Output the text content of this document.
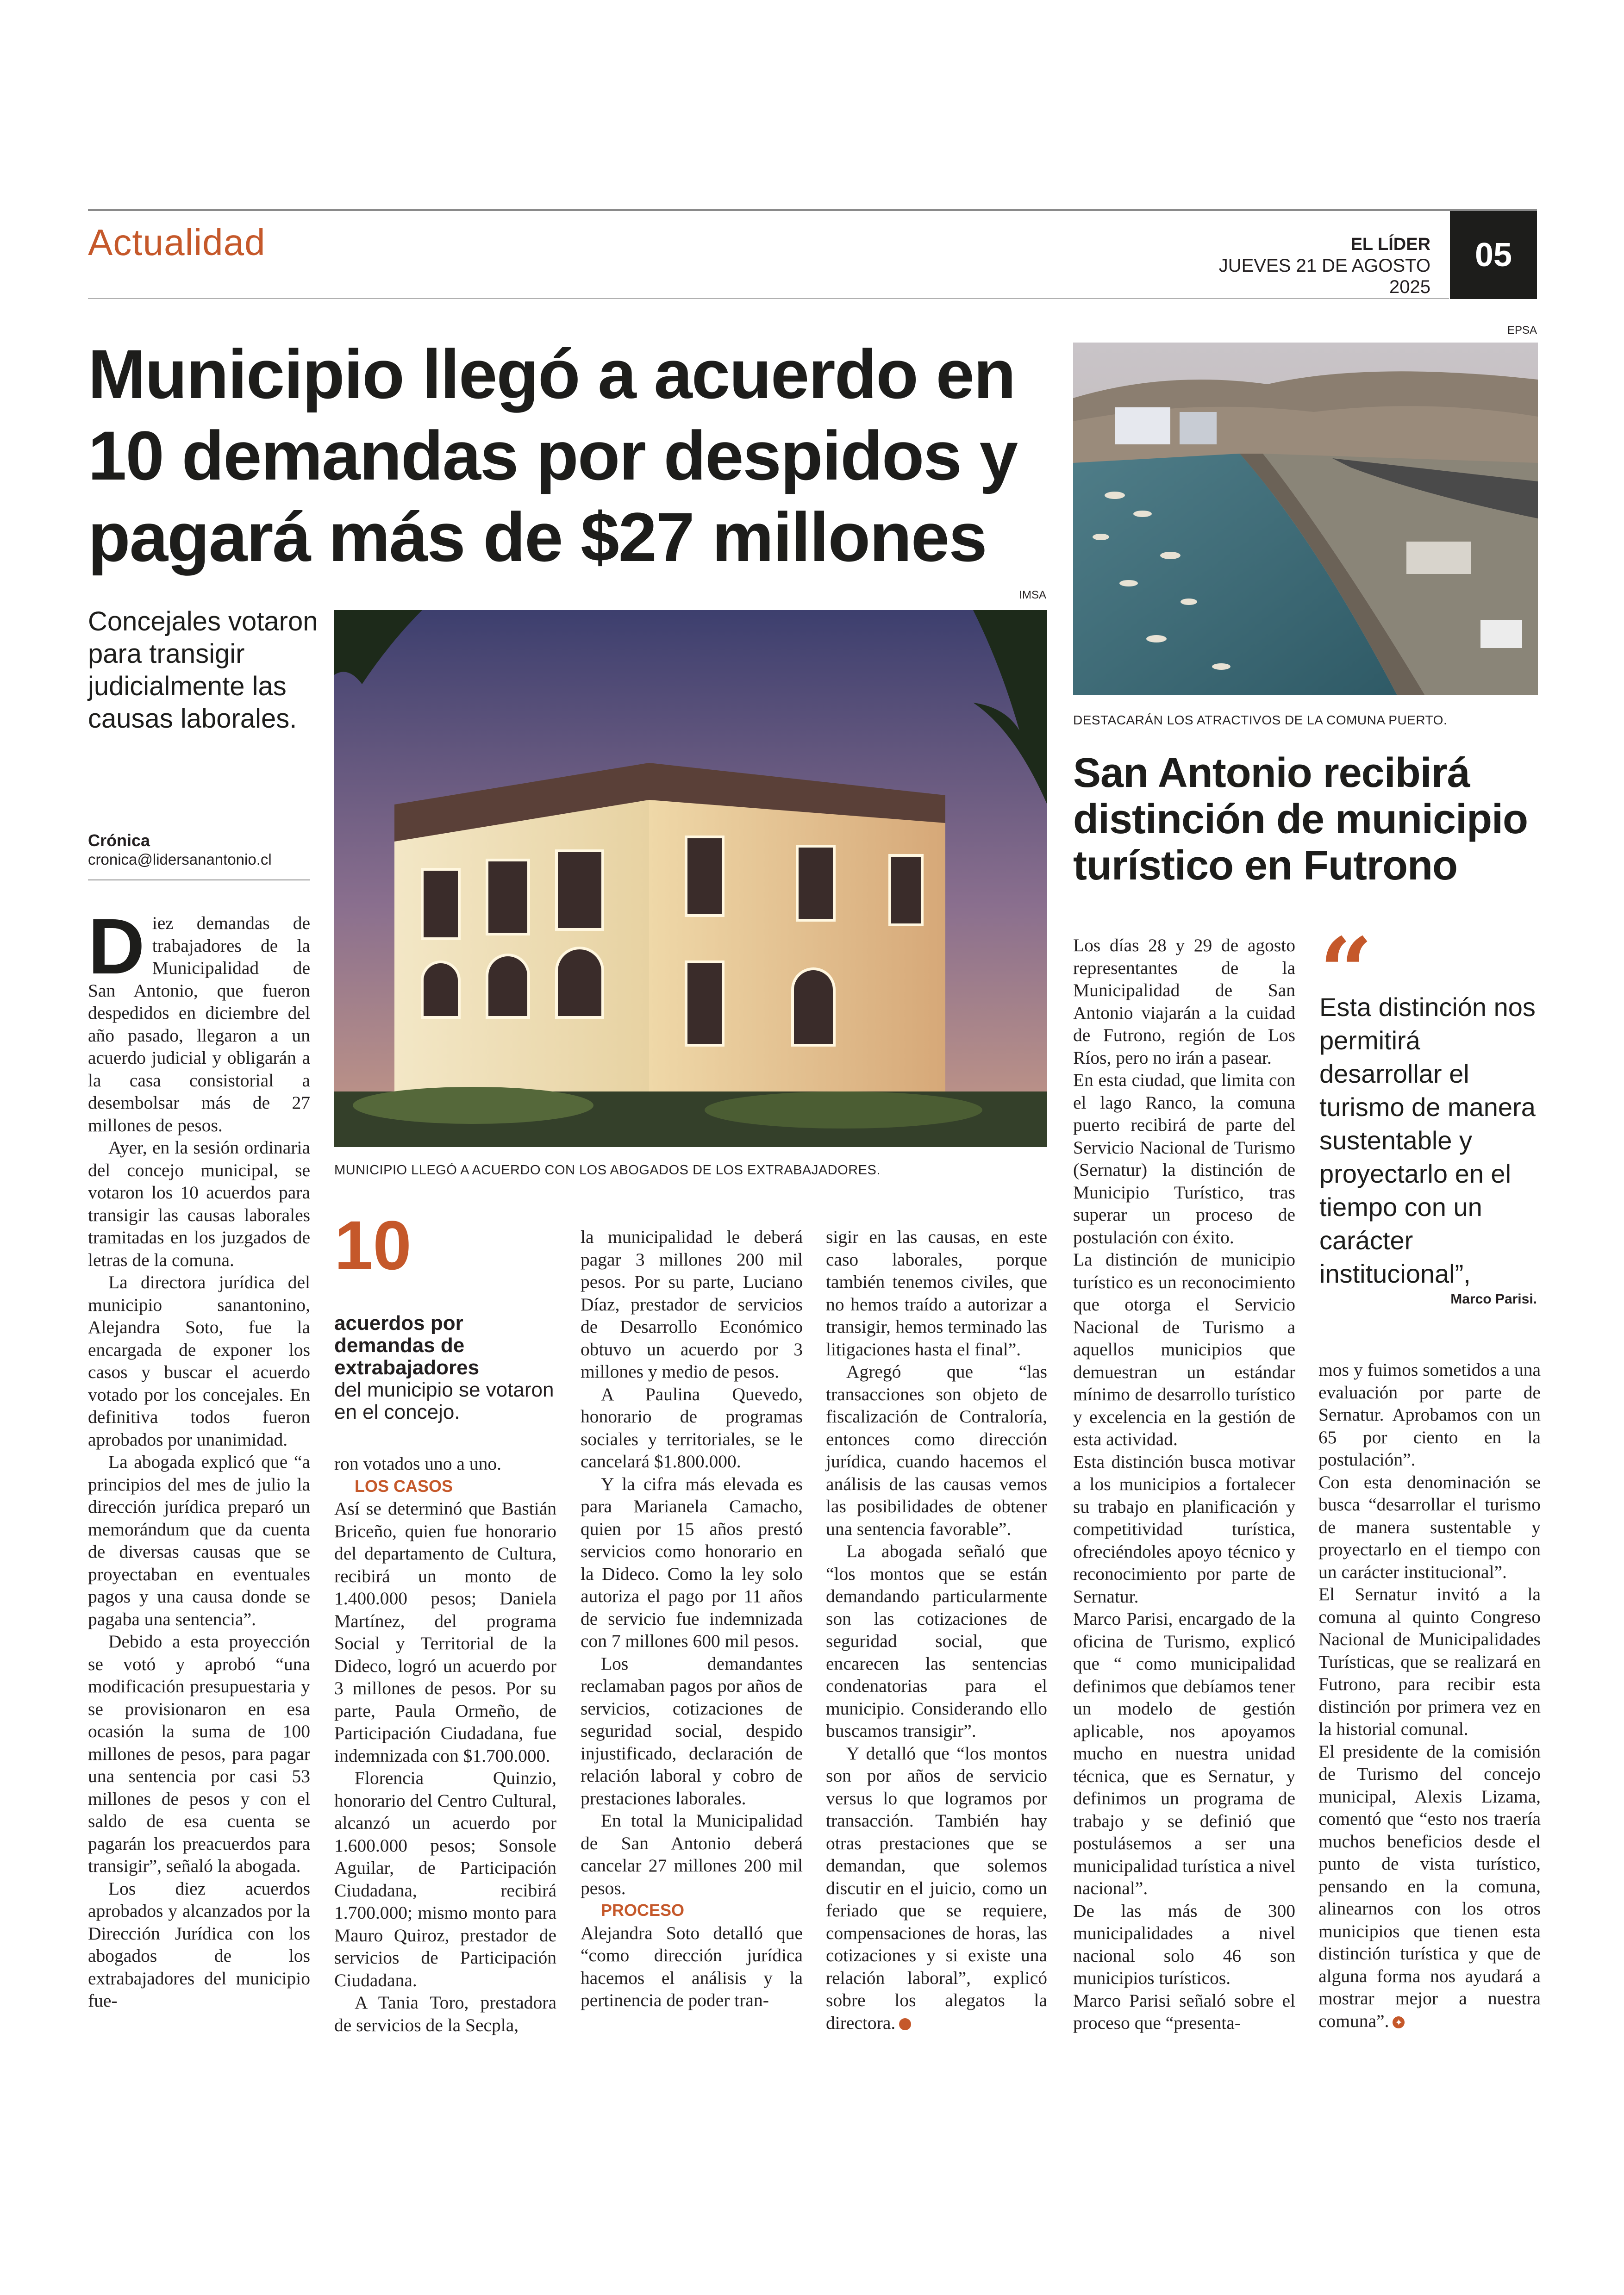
Actualidad	EL LÍDER
JUEVES 21 DE AGOSTO 2025
05
Municipio llegó a acuerdo en 10 demandas por despidos y pagará más de $27 millones
Concejales votaron para transigir judicialmente las causas laborales.
Crónica
cronica@lidersanantonio.cl
IMSA
MUNICIPIO LLEGÓ A ACUERDO CON LOS ABOGADOS DE LOS EXTRABAJADORES.

Diez demandas de trabajadores de la Municipalidad de San Antonio, que fueron despedidos en diciembre del año pasado, llegaron a un acuerdo judicial y obligarán a la casa consistorial a desembolsar más de 27 millones de pesos.

Ayer, en la sesión ordinaria del concejo municipal, se votaron los 10 acuerdos para transigir las causas laborales tramitadas en los juzgados de letras de la comuna.

La directora jurídica del municipio sanantonino, Alejandra Soto, fue la encargada de exponer los casos y buscar el acuerdo votado por los concejales. En definitiva todos fueron aprobados por unanimidad.

La abogada explicó que “a principios del mes de julio la dirección jurídica preparó un memorándum que da cuenta de diversas causas que se proyectaban en eventuales pagos y una causa donde se pagaba una sentencia”.

Debido a esta proyección se votó y aprobó “una modificación presupuestaria y se provisionaron en esa ocasión la suma de 100 millones de pesos, para pagar una sentencia por casi 53 millones de pesos y con el saldo de esa cuenta se pagarán los preacuerdos para transigir”, señaló la abogada.

Los diez acuerdos aprobados y alcanzados por la Dirección Jurídica con los abogados de los extrabajadores del municipio fue-

10
acuerdos por demandas de extrabajadores
del municipio se votaron en el concejo.

ron votados uno a uno.

LOS CASOS

Así se determinó que Bastián Briceño, quien fue honorario del departamento de Cultura, recibirá un monto de 1.400.000 pesos; Daniela Martínez, del programa Social y Territorial de la Dideco, logró un acuerdo por 3 millones de pesos. Por su parte, Paula Ormeño, de Participación Ciudadana, fue indemnizada con $1.700.000.

Florencia Quinzio, honorario del Centro Cultural, alcanzó un acuerdo por 1.600.000 pesos; Sonsole Aguilar, de Participación Ciudadana, recibirá 1.700.000; mismo monto para Mauro Quiroz, prestador de servicios de Participación Ciudadana.

A Tania Toro, prestadora de servicios de la Secpla,

la municipalidad le deberá pagar 3 millones 200 mil pesos. Por su parte, Luciano Díaz, prestador de servicios de Desarrollo Económico obtuvo un acuerdo por 3 millones y medio de pesos.

A Paulina Quevedo, honorario de programas sociales y territoriales, se le cancelará $1.800.000.

Y la cifra más elevada es para Marianela Camacho, quien por 15 años prestó servicios como honorario en la Dideco. Como la ley solo autoriza el pago por 11 años de servicio fue indemnizada con 7 millones 600 mil pesos.

Los demandantes reclamaban pagos por años de servicios, cotizaciones de seguridad social, despido injustificado, declaración de relación laboral y cobro de prestaciones laborales.

En total la Municipalidad de San Antonio deberá cancelar 27 millones 200 mil pesos.

PROCESO

Alejandra Soto detalló que “como dirección jurídica hacemos el análisis y la pertinencia de poder tran-

sigir en las causas, en este caso laborales, porque también tenemos civiles, que no hemos traído a autorizar a transigir, hemos terminado las litigaciones hasta el final”.

Agregó que “las transacciones son objeto de fiscalización de Contraloría, entonces como dirección jurídica, cuando hacemos el análisis de las causas vemos las posibilidades de obtener una sentencia favorable”.

La abogada señaló que “los montos que se están demandando particularmente son las cotizaciones de seguridad social, que encarecen las sentencias condenatorias para el municipio. Considerando ello buscamos transigir”.

Y detalló que “los montos son por años de servicio versus lo que logramos por transacción. También hay otras prestaciones que se demandan, que solemos discutir en el juicio, como un feriado que se requiere, compensaciones de horas, las cotizaciones y si existe una relación laboral”, explicó sobre los alegatos la directora.	✦

EPSA
DESTACARÁN LOS ATRACTIVOS DE LA COMUNA PUERTO.
San Antonio recibirá distinción de municipio turístico en Futrono
“
Esta distinción nos permitirá desarrollar el turismo de manera sustentable y proyectarlo en el tiempo con un carácter institucional”,
Marco Parisi.

Los días 28 y 29 de agosto representantes de la Municipalidad de San Antonio viajarán a la cuidad de Futrono, región de Los Ríos, pero no irán a pasear.

En esta ciudad, que limita con el lago Ranco, la comuna puerto recibirá de parte del Servicio Nacional de Turismo (Sernatur) la distinción de Municipio Turístico, tras superar un proceso de postulación con éxito.

La distinción de municipio turístico es un reconocimiento que otorga el Servicio Nacional de Turismo a aquellos municipios que demuestran un estándar mínimo de desarrollo turístico y excelencia en la gestión de esta actividad.

Esta distinción busca motivar a los municipios a fortalecer su trabajo en planificación y competitividad turística, ofreciéndoles apoyo técnico y reconocimiento por parte de Sernatur.

Marco Parisi, encargado de la oficina de Turismo, explicó que “ como municipalidad definimos que debíamos tener un modelo de gestión aplicable, nos apoyamos mucho en nuestra unidad técnica, que es Sernatur, y definimos un programa de trabajo y se definió que postulásemos a ser una municipalidad turística a nivel nacional”.

De las más de 300 municipalidades a nivel nacional solo 46 son municipios turísticos.

Marco Parisi señaló sobre el proceso que “presenta-

mos y fuimos sometidos a una evaluación por parte de Sernatur. Aprobamos con un 65 por ciento en la postulación”.

Con esta denominación se busca “desarrollar el turismo de manera sustentable y proyectarlo en el tiempo con un carácter institucional”.

El Sernatur invitó a la comuna al quinto Congreso Nacional de Municipalidades Turísticas, que se realizará en Futrono, para recibir esta distinción por primera vez en la historial comunal.

El presidente de la comisión de Turismo del concejo municipal, Alexis Lizama, comentó que “esto nos traería muchos beneficios desde el punto de vista turístico, pensando en la comuna, alinearnos con los otros municipios que tienen esta distinción turística y que de alguna forma nos ayudará a mostrar mejor a nuestra comuna”. ✦
